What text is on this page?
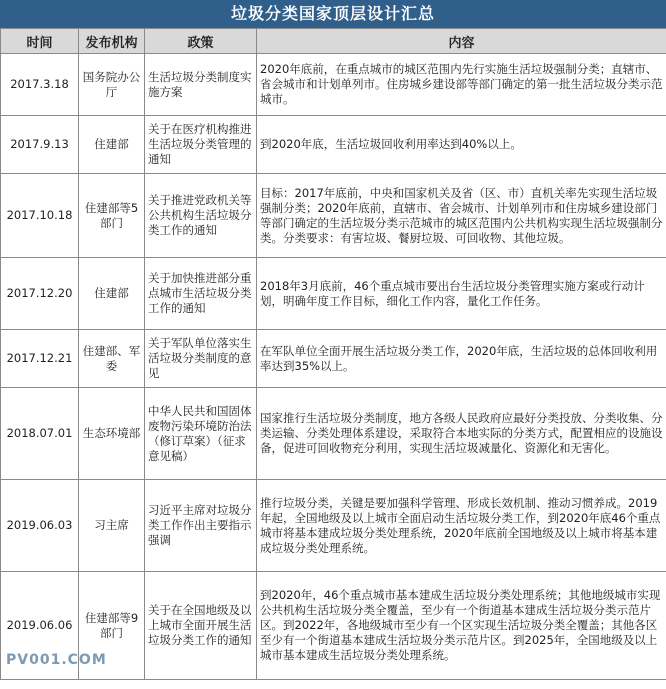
垃圾分类国家顶层设计汇总
时间	发布机构	政策	内容
2017.3.18	国务院办公厅	生活垃圾分类制度实施方案	2020年底前，在重点城市的城区范围内先行实施生活垃圾强制分类；直辖市、省会城市和计划单列市。住房城乡建设部等部门确定的第一批生活垃圾分类示范城市。
2017.9.13	住建部	关于在医疗机构推进生活垃圾分类管理的通知	到2020年底，生活垃圾回收利用率达到40%以上。
2017.10.18	住建部等5部门	关于推进党政机关等公共机构生活垃圾分类工作的通知	目标：2017年底前，中央和国家机关及省（区、市）直机关率先实现生活垃圾强制分类；2020年底前，直辖市、省会城市、计划单列市和住房城乡建设部门等部门确定的生活垃圾分类示范城市的城区范围内公共机构实现生活垃圾强制分类。分类要求：有害垃圾、餐厨垃圾、可回收物、其他垃圾。
2017.12.20	住建部	关于加快推进部分重点城市生活垃圾分类工作的通知	2018年3月底前，46个重点城市要出台生活垃圾分类管理实施方案或行动计划，明确年度工作目标，细化工作内容，量化工作任务。
2017.12.21	住建部、军委	关于军队单位落实生活垃圾分类制度的意见	在军队单位全面开展生活垃圾分类工作，2020年底，生活垃圾的总体回收利用率达到35%以上。
2018.07.01	生态环境部	中华人民共和国固体废物污染环境防治法（修订草案）（征求意见稿）	国家推行生活垃圾分类制度，地方各级人民政府应最好分类投放、分类收集、分类运输、分类处理体系建设，采取符合本地实际的分类方式，配置相应的设施设备，促进可回收物充分利用，实现生活垃圾减量化、资源化和无害化。
2019.06.03	习主席	习近平主席对垃圾分类工作作出主要指示强调	推行垃圾分类，关键是要加强科学管理、形成长效机制、推动习惯养成。2019年起，全国地级及以上城市全面启动生活垃圾分类工作，到2020年底46个重点城市将基本建成垃圾分类处理系统，2020年底前全国地级及以上城市将基本建成垃圾分类处理系统。
2019.06.06	住建部等9部门	关于在全国地级及以上城市全面开展生活垃圾分类工作的通知	到2020年，46个重点城市基本建成生活垃圾分类处理系统；其他地级城市实现公共机构生活垃圾分类全覆盖，至少有一个街道基本建成生活垃圾分类示范片区。到2022年，各地级城市至少有一个区实现生活垃圾分类全覆盖；其他各区至少有一个街道基本建成生活垃圾分类示范片区。到2025年，全国地级及以上城市基本建成生活垃圾分类处理系统。
PV001.COM
